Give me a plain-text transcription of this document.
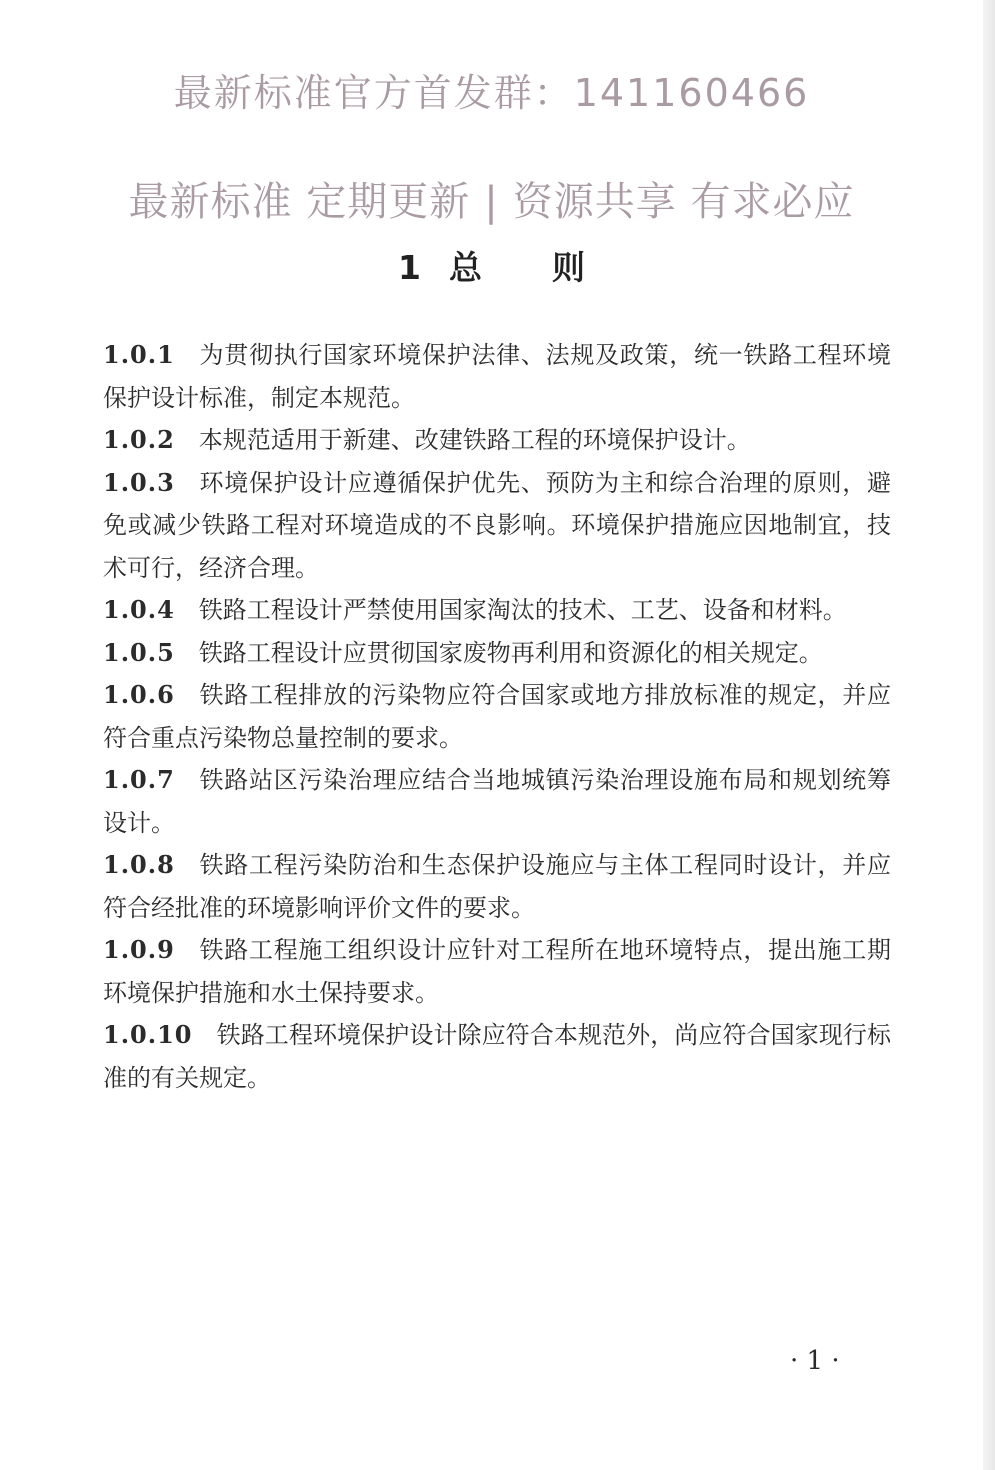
最新标准官方首发群：141160466
最新标准 定期更新 | 资源共享 有求必应
1 总 则
1.0.1 为贯彻执行国家环境保护法律、法规及政策，统一铁路工程环境保护设计标准，制定本规范。
1.0.2 本规范适用于新建、改建铁路工程的环境保护设计。
1.0.3 环境保护设计应遵循保护优先、预防为主和综合治理的原则，避免或减少铁路工程对环境造成的不良影响。环境保护措施应因地制宜，技术可行，经济合理。
1.0.4 铁路工程设计严禁使用国家淘汰的技术、工艺、设备和材料。
1.0.5 铁路工程设计应贯彻国家废物再利用和资源化的相关规定。
1.0.6 铁路工程排放的污染物应符合国家或地方排放标准的规定，并应符合重点污染物总量控制的要求。
1.0.7 铁路站区污染治理应结合当地城镇污染治理设施布局和规划统筹设计。
1.0.8 铁路工程污染防治和生态保护设施应与主体工程同时设计，并应符合经批准的环境影响评价文件的要求。
1.0.9 铁路工程施工组织设计应针对工程所在地环境特点，提出施工期环境保护措施和水土保持要求。
1.0.10 铁路工程环境保护设计除应符合本规范外，尚应符合国家现行标准的有关规定。
· 1 ·
